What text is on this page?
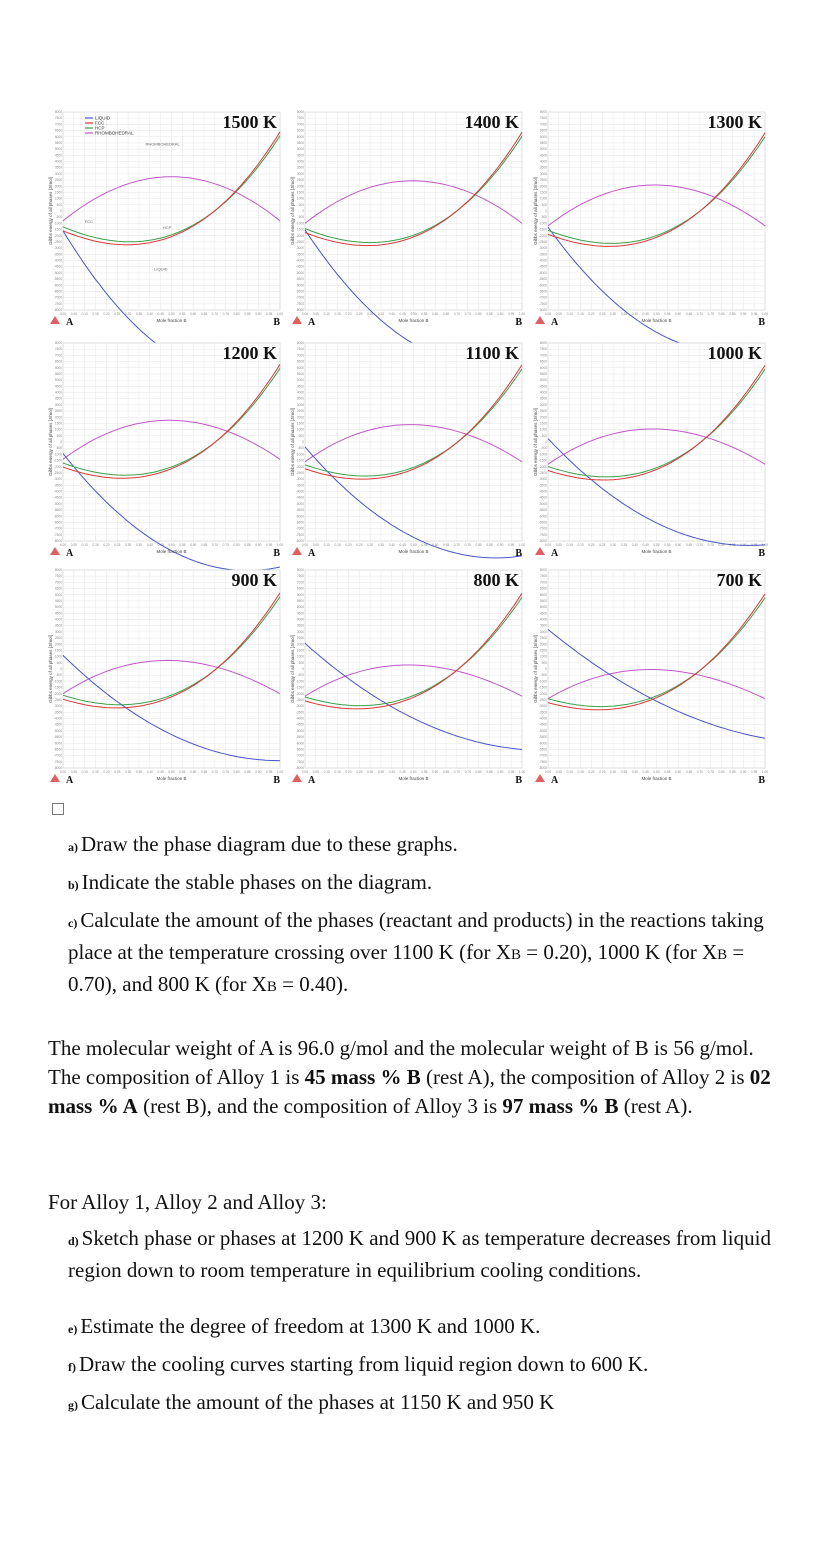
0.00 0.05 0.10 0.15 0.20 0.25 0.30 0.35 0.40 0.45 0.50 0.55 0.60 0.65 0.70 0.75 0.80 0.85 0.90 0.95 1.00
8000
7500
7000
6500
6000
5500
5000
4500
4000
3500
3000
2500
2000
1500
1000
500
0
-500
-1000
-1500
-2000
-2500
-3000
-3500
-4000
-4500
-5000
-5500
-6000
-6500
-7000
-7500
-8000
Mole fraction B
Gibbs energy of all phases [J/mol]
1500 K
A	B
LIQUID
FCC
HCP
RHOMBOHEDRAL
RHOMBOHEDRAL
FCC
HCP
LIQUID
0.00 0.05 0.10 0.15 0.20 0.25 0.30 0.35 0.40 0.45 0.50 0.55 0.60 0.65 0.70 0.75 0.80 0.85 0.90 0.95 1.00
8000
7500
7000
6500
6000
5500
5000
4500
4000
3500
3000
2500
2000
1500
1000
500
0
-500
-1000
-1500
-2000
-2500
-3000
-3500
-4000
-4500
-5000
-5500
-6000
-6500
-7000
-7500
-8000
Mole fraction B
Gibbs energy of all phases [J/mol]
1400 K
A	B
0.00 0.05 0.10 0.15 0.20 0.25 0.30 0.35 0.40 0.45 0.50 0.55 0.60 0.65 0.70 0.75 0.80 0.85 0.90 0.95 1.00
8000
7500
7000
6500
6000
5500
5000
4500
4000
3500
3000
2500
2000
1500
1000
500
0
-500
-1000
-1500
-2000
-2500
-3000
-3500
-4000
-4500
-5000
-5500
-6000
-6500
-7000
-7500
-8000
Mole fraction B
Gibbs energy of all phases [J/mol]
1300 K
A	B
0.00 0.05 0.10 0.15 0.20 0.25 0.30 0.35 0.40 0.45 0.50 0.55 0.60 0.65 0.70 0.75 0.80 0.85 0.90 0.95 1.00
8000
7500
7000
6500
6000
5500
5000
4500
4000
3500
3000
2500
2000
1500
1000
500
0
-500
-1000
-1500
-2000
-2500
-3000
-3500
-4000
-4500
-5000
-5500
-6000
-6500
-7000
-7500
-8000
Mole fraction B
Gibbs energy of all phases [J/mol]
1200 K
A	B
0.00 0.05 0.10 0.15 0.20 0.25 0.30 0.35 0.40 0.45 0.50 0.55 0.60 0.65 0.70 0.75 0.80 0.85 0.90 0.95 1.00
8000
7500
7000
6500
6000
5500
5000
4500
4000
3500
3000
2500
2000
1500
1000
500
0
-500
-1000
-1500
-2000
-2500
-3000
-3500
-4000
-4500
-5000
-5500
-6000
-6500
-7000
-7500
-8000
Mole fraction B
Gibbs energy of all phases [J/mol]
1100 K
A	B
0.00 0.05 0.10 0.15 0.20 0.25 0.30 0.35 0.40 0.45 0.50 0.55 0.60 0.65 0.70 0.75 0.80 0.85 0.90 0.95 1.00
8000
7500
7000
6500
6000
5500
5000
4500
4000
3500
3000
2500
2000
1500
1000
500
0
-500
-1000
-1500
-2000
-2500
-3000
-3500
-4000
-4500
-5000
-5500
-6000
-6500
-7000
-7500
-8000
Mole fraction B
Gibbs energy of all phases [J/mol]
1000 K
A	B
0.00 0.05 0.10 0.15 0.20 0.25 0.30 0.35 0.40 0.45 0.50 0.55 0.60 0.65 0.70 0.75 0.80 0.85 0.90 0.95 1.00
8000
7500
7000
6500
6000
5500
5000
4500
4000
3500
3000
2500
2000
1500
1000
500
0
-500
-1000
-1500
-2000
-2500
-3000
-3500
-4000
-4500
-5000
-5500
-6000
-6500
-7000
-7500
-8000
Mole fraction B
Gibbs energy of all phases [J/mol]
900 K
A	B
0.00 0.05 0.10 0.15 0.20 0.25 0.30 0.35 0.40 0.45 0.50 0.55 0.60 0.65 0.70 0.75 0.80 0.85 0.90 0.95 1.00
8000
7500
7000
6500
6000
5500
5000
4500
4000
3500
3000
2500
2000
1500
1000
500
0
-500
-1000
-1500
-2000
-2500
-3000
-3500
-4000
-4500
-5000
-5500
-6000
-6500
-7000
-7500
-8000
Mole fraction B
Gibbs energy of all phases [J/mol]
800 K
A	B
0.00 0.05 0.10 0.15 0.20 0.25 0.30 0.35 0.40 0.45 0.50 0.55 0.60 0.65 0.70 0.75 0.80 0.85 0.90 0.95 1.00
8000
7500
7000
6500
6000
5500
5000
4500
4000
3500
3000
2500
2000
1500
1000
500
0
-500
-1000
-1500
-2000
-2500
-3000
-3500
-4000
-4500
-5000
-5500
-6000
-6500
-7000
-7500
-8000
Mole fraction B
Gibbs energy of all phases [J/mol]
700 K
A	B
a) Draw the phase diagram due to these graphs.
b) Indicate the stable phases on the diagram.
c) Calculate the amount of the phases (reactant and products) in the reactions taking place at the temperature crossing over 1100 K (for XB = 0.20), 1000 K (for XB = 0.70), and 800 K (for XB = 0.40).
The molecular weight of A is 96.0 g/mol and the molecular weight of B is 56 g/mol. The composition of Alloy 1 is 45 mass % B (rest A), the composition of Alloy 2 is 02 mass % A (rest B), and the composition of Alloy 3 is 97 mass % B (rest A).
For Alloy 1, Alloy 2 and Alloy 3:
d) Sketch phase or phases at 1200 K and 900 K as temperature decreases from liquid region down to room temperature in equilibrium cooling conditions.
e) Estimate the degree of freedom at 1300 K and 1000 K.
f) Draw the cooling curves starting from liquid region down to 600 K.
g) Calculate the amount of the phases at 1150 K and 950 K
